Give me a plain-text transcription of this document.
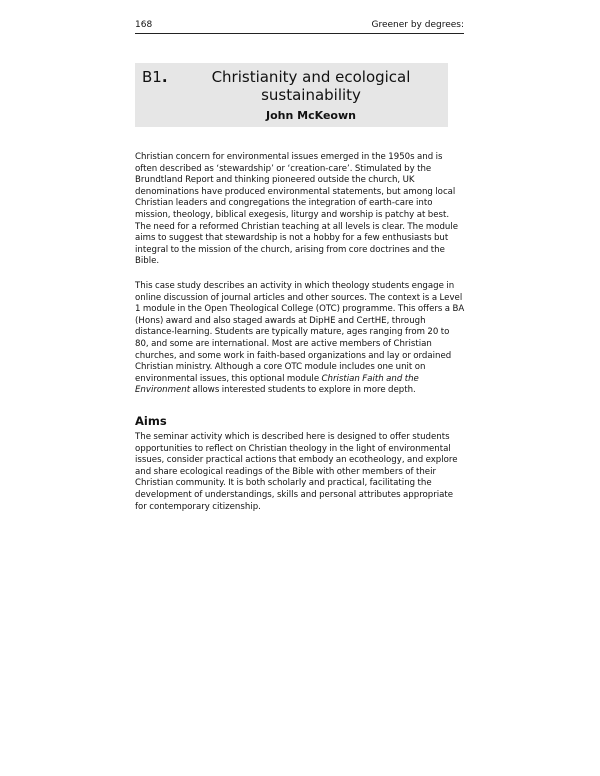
168	Greener by degrees:
B1.	Christianity and ecological sustainability
John McKeown

Christian concern for environmental issues emerged in the 1950s and is often described as ‘stewardship’ or ‘creation-care’. Stimulated by the Brundtland Report and thinking pioneered outside the church, UK denominations have produced environmental statements, but among local Christian leaders and congregations the integration of earth-care into mission, theology, biblical exegesis, liturgy and worship is patchy at best. The need for a reformed Christian teaching at all levels is clear. The module aims to suggest that stewardship is not a hobby for a few enthusiasts but integral to the mission of the church, arising from core doctrines and the Bible.

This case study describes an activity in which theology students engage in online discussion of journal articles and other sources. The context is a Level 1 module in the Open Theological College (OTC) programme. This offers a BA (Hons) award and also staged awards at DipHE and CertHE, through distance-learning. Students are typically mature, ages ranging from 20 to 80, and some are international. Most are active members of Christian churches, and some work in faith-based organizations and lay or ordained Christian ministry. Although a core OTC module includes one unit on environmental issues, this optional module Christian Faith and the Environment allows interested students to explore in more depth.

Aims

The seminar activity which is described here is designed to offer students opportunities to reflect on Christian theology in the light of environmental issues, consider practical actions that embody an ecotheology, and explore and share ecological readings of the Bible with other members of their Christian community. It is both scholarly and practical, facilitating the development of understandings, skills and personal attributes appropriate for contemporary citizenship.
